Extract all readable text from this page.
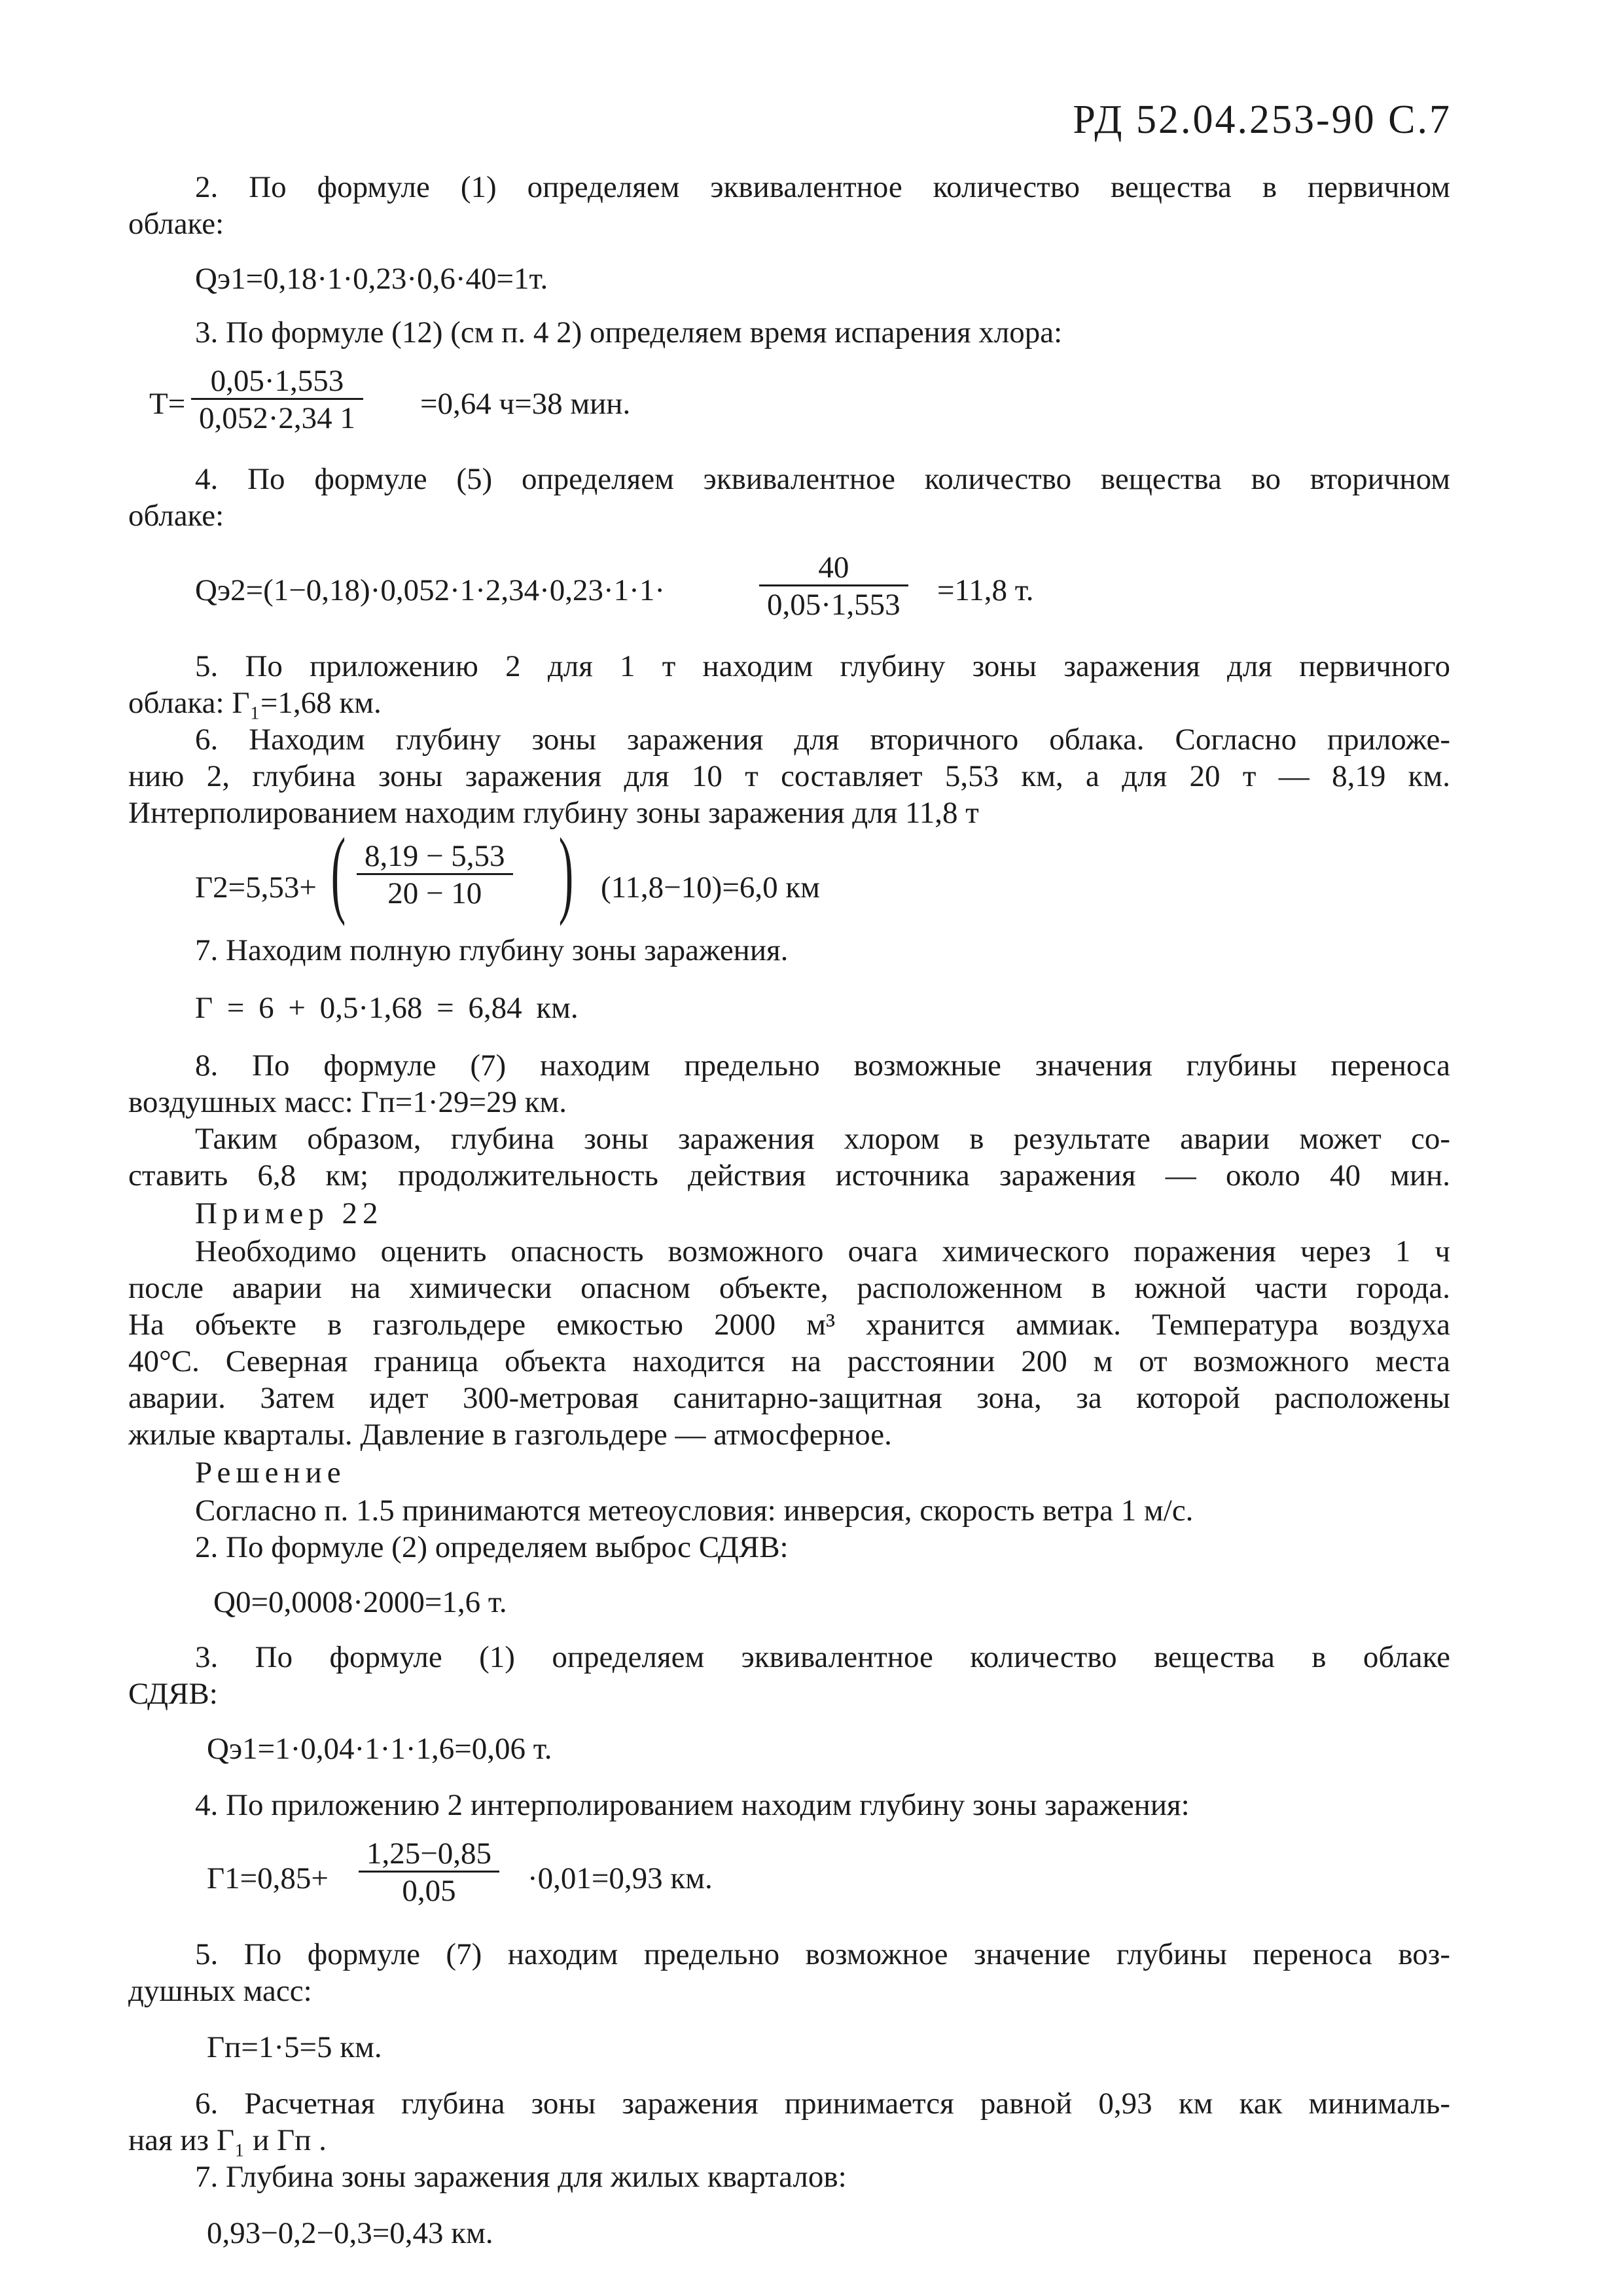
РД 52.04.253-90 С.7

2. По формуле (1) определяем эквивалентное количество вещества в первичном

облаке:

Qэ1=0,18·1·0,23·0,6·40=1т.

3. По формуле (12) (см п. 4 2) определяем время испарения хлора:

$Т= \frac{0,05\cdot 1,553}{0,052\cdot 2,34 1} =0,64$ ч=38 мин.

4. По формуле (5) определяем эквивалентное количество вещества во вторичном

облаке:

Qэ2=(1−0,18)·0,052·1·2,34·0,23·1·1·	$\frac{40}{0,05\cdot 1,553} =11,8$ т.

5. По приложению 2 для 1 т находим глубину зоны заражения для первичного

облака: Г₁=1,68 км.

6. Находим глубину зоны заражения для вторичного облака. Согласно приложе-

нию 2, глубина зоны заражения для 10 т составляет 5,53 км, а для 20 т — 8,19 км.

Интерполированием находим глубину зоны заражения для 11,8 т

Г2=5,53+ ( $\frac{8,19 - 5,53}{20 - 10}$ ) (11,8−10)=6,0 км

7. Находим полную глубину зоны заражения.

Г = 6 + 0,5·1,68 = 6,84 км.

8. По формуле (7) находим предельно возможные значения глубины переноса

воздушных масс: Гп=1·29=29 км.

Таким образом, глубина зоны заражения хлором в результате аварии может со-

ставить 6,8 км; продолжительность действия источника заражения — около 40 мин.

Пример 22

Необходимо оценить опасность возможного очага химического поражения через 1 ч

после аварии на химически опасном объекте, расположенном в южной части города.

На объекте в газгольдере емкостью 2000 м³ хранится аммиак. Температура воздуха

40°С. Северная граница объекта находится на расстоянии 200 м от возможного места

аварии. Затем идет 300-метровая санитарно-защитная зона, за которой расположены

жилые кварталы. Давление в газгольдере — атмосферное.

Решение

Согласно п. 1.5 принимаются метеоусловия: инверсия, скорость ветра 1 м/с.

2. По формуле (2) определяем выброс СДЯВ:

Q0=0,0008·2000=1,6 т.

3. По формуле (1) определяем эквивалентное количество вещества в облаке

СДЯВ:

Qэ1=1·0,04·1·1·1,6=0,06 т.

4. По приложению 2 интерполированием находим глубину зоны заражения:

$Г1=0,85+ \frac{1,25-0,85}{0,05} \cdot 0,01=0,93$ км.

5. По формуле (7) находим предельно возможное значение глубины переноса воз-

душных масс:

Гп=1·5=5 км.

6. Расчетная глубина зоны заражения принимается равной 0,93 км как минималь-

ная из Г₁ и Гп .

7. Глубина зоны заражения для жилых кварталов:

0,93−0,2−0,3=0,43 км.
